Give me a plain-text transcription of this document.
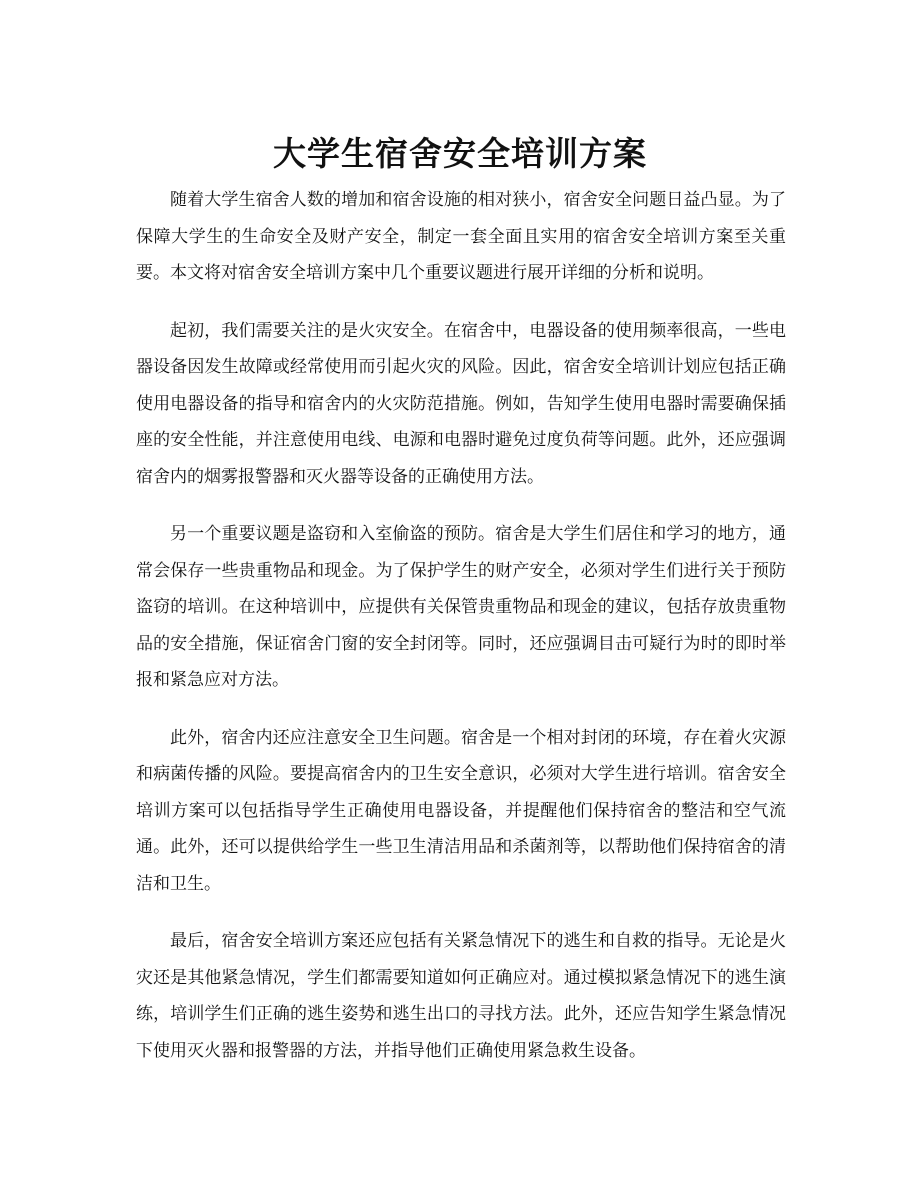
大学生宿舍安全培训方案

随着大学生宿舍人数的增加和宿舍设施的相对狭小，宿舍安全问题日益凸显。为了保障大学生的生命安全及财产安全，制定一套全面且实用的宿舍安全培训方案至关重要。本文将对宿舍安全培训方案中几个重要议题进行展开详细的分析和说明。

起初，我们需要关注的是火灾安全。在宿舍中，电器设备的使用频率很高，一些电器设备因发生故障或经常使用而引起火灾的风险。因此，宿舍安全培训计划应包括正确使用电器设备的指导和宿舍内的火灾防范措施。例如，告知学生使用电器时需要确保插座的安全性能，并注意使用电线、电源和电器时避免过度负荷等问题。此外，还应强调宿舍内的烟雾报警器和灭火器等设备的正确使用方法。

另一个重要议题是盗窃和入室偷盗的预防。宿舍是大学生们居住和学习的地方，通常会保存一些贵重物品和现金。为了保护学生的财产安全，必须对学生们进行关于预防盗窃的培训。在这种培训中，应提供有关保管贵重物品和现金的建议，包括存放贵重物品的安全措施，保证宿舍门窗的安全封闭等。同时，还应强调目击可疑行为时的即时举报和紧急应对方法。

此外，宿舍内还应注意安全卫生问题。宿舍是一个相对封闭的环境，存在着火灾源和病菌传播的风险。要提高宿舍内的卫生安全意识，必须对大学生进行培训。宿舍安全培训方案可以包括指导学生正确使用电器设备，并提醒他们保持宿舍的整洁和空气流通。此外，还可以提供给学生一些卫生清洁用品和杀菌剂等，以帮助他们保持宿舍的清洁和卫生。

最后，宿舍安全培训方案还应包括有关紧急情况下的逃生和自救的指导。无论是火灾还是其他紧急情况，学生们都需要知道如何正确应对。通过模拟紧急情况下的逃生演练，培训学生们正确的逃生姿势和逃生出口的寻找方法。此外，还应告知学生紧急情况下使用灭火器和报警器的方法，并指导他们正确使用紧急救生设备。
